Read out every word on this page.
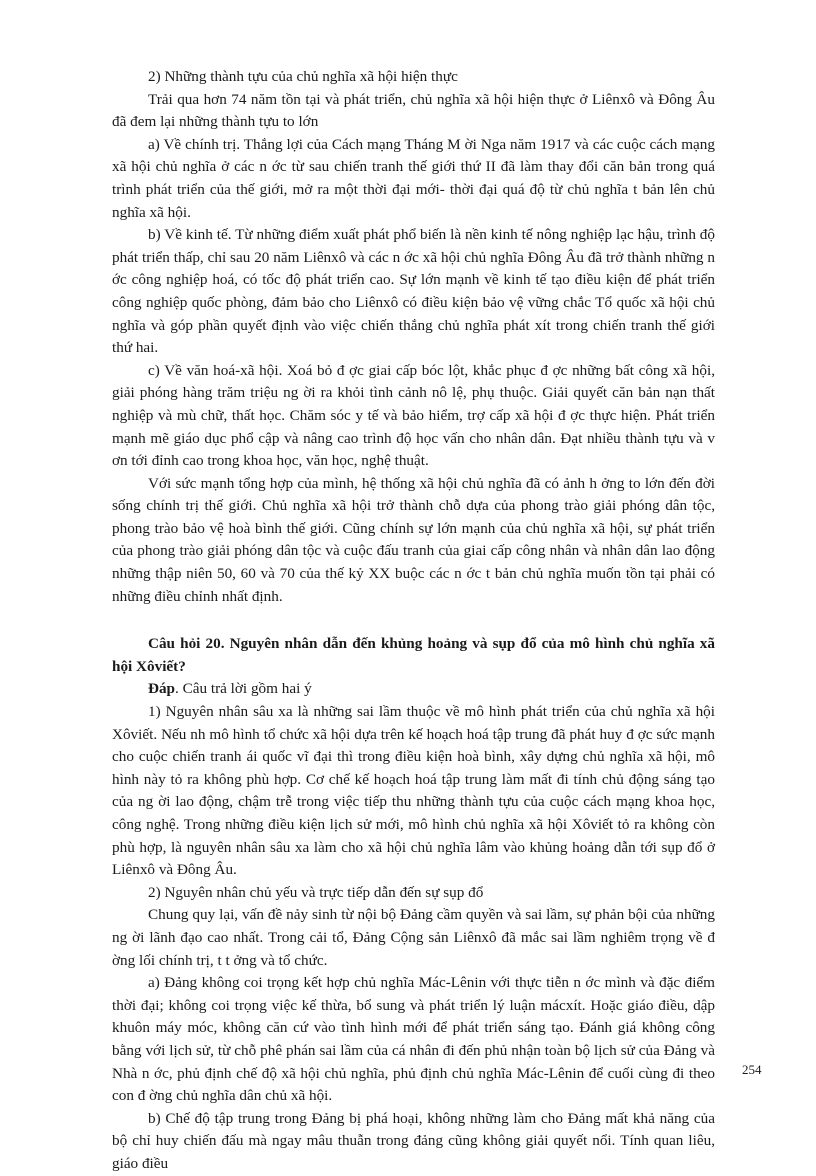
2) Những thành tựu của chủ nghĩa xã hội hiện thực

Trải qua hơn 74 năm tồn tại và phát triển, chủ nghĩa xã hội hiện thực ở Liênxô và Đông Âu đã đem lại những thành tựu to lớn

a) Về chính trị. Thắng lợi của Cách mạng Tháng M ời Nga năm 1917 và các cuộc cách mạng xã hội chủ nghĩa ở các n ớc từ sau chiến tranh thế giới thứ II đã làm thay đổi căn bản trong quá trình phát triển của thế giới, mở ra một thời đại mới- thời đại quá độ từ chủ nghĩa t bản lên chủ nghĩa xã hội.

b) Về kinh tế. Từ những điểm xuất phát phổ biến là nền kinh tế nông nghiệp lạc hậu, trình độ phát triển thấp, chỉ sau 20 năm Liênxô và các n ớc xã hội chủ nghĩa Đông Âu đã trở thành những n ớc công nghiệp hoá, có tốc độ phát triển cao. Sự lớn mạnh về kinh tế tạo điều kiện để phát triển công nghiệp quốc phòng, đảm bảo cho Liênxô có điều kiện bảo vệ vững chắc Tổ quốc xã hội chủ nghĩa và góp phần quyết định vào việc chiến thắng chủ nghĩa phát xít trong chiến tranh thế giới thứ hai.

c) Về văn hoá-xã hội. Xoá bỏ đ ợc giai cấp bóc lột, khắc phục đ ợc những bất công xã hội, giải phóng hàng trăm triệu ng ời ra khỏi tình cảnh nô lệ, phụ thuộc. Giải quyết căn bản nạn thất nghiệp và mù chữ, thất học. Chăm sóc y tế và bảo hiểm, trợ cấp xã hội đ ợc thực hiện. Phát triển mạnh mẽ giáo dục phổ cập và nâng cao trình độ học vấn cho nhân dân. Đạt nhiều thành tựu và v ơn tới đỉnh cao trong khoa học, văn học, nghệ thuật.

Với sức mạnh tổng hợp của mình, hệ thống xã hội chủ nghĩa đã có ảnh h ởng to lớn đến đời sống chính trị thế giới. Chủ nghĩa xã hội trở thành chỗ dựa của phong trào giải phóng dân tộc, phong trào bảo vệ hoà bình thế giới. Cũng chính sự lớn mạnh của chủ nghĩa xã hội, sự phát triển của phong trào giải phóng dân tộc và cuộc đấu tranh của giai cấp công nhân và nhân dân lao động những thập niên 50, 60 và 70 của thế kỷ XX buộc các n ớc t bản chủ nghĩa muốn tồn tại phải có những điều chỉnh nhất định.

Câu hỏi 20. Nguyên nhân dẫn đến khủng hoảng và sụp đổ của mô hình chủ nghĩa xã hội Xôviết?

Đáp. Câu trả lời gồm hai ý

1) Nguyên nhân sâu xa là những sai lầm thuộc về mô hình phát triển của chủ nghĩa xã hội Xôviết. Nếu nh mô hình tổ chức xã hội dựa trên kế hoạch hoá tập trung đã phát huy đ ợc sức mạnh cho cuộc chiến tranh ái quốc vĩ đại thì trong điều kiện hoà bình, xây dựng chủ nghĩa xã hội, mô hình này tỏ ra không phù hợp. Cơ chế kế hoạch hoá tập trung làm mất đi tính chủ động sáng tạo của ng ời lao động, chậm trễ trong việc tiếp thu những thành tựu của cuộc cách mạng khoa học, công nghệ. Trong những điều kiện lịch sử mới, mô hình chủ nghĩa xã hội Xôviết tỏ ra không còn phù hợp, là nguyên nhân sâu xa làm cho xã hội chủ nghĩa lâm vào khủng hoảng dẫn tới sụp đổ ở Liênxô và Đông Âu.

2) Nguyên nhân chủ yếu và trực tiếp dẫn đến sự sụp đổ

Chung quy lại, vấn đề nảy sinh từ nội bộ Đảng cầm quyền và sai lầm, sự phản bội của những ng ời lãnh đạo cao nhất. Trong cải tổ, Đảng Cộng sản Liênxô đã mắc sai lầm nghiêm trọng về đ ờng lối chính trị, t t ởng và tổ chức.

a) Đảng không coi trọng kết hợp chủ nghĩa Mác-Lênin với thực tiễn n ớc mình và đặc điểm thời đại; không coi trọng việc kế thừa, bổ sung và phát triển lý luận mácxít. Hoặc giáo điều, dập khuôn máy móc, không căn cứ vào tình hình mới để phát triển sáng tạo. Đánh giá không công bằng với lịch sử, từ chỗ phê phán sai lầm của cá nhân đi đến phủ nhận toàn bộ lịch sử của Đảng và Nhà n ớc, phủ định chế độ xã hội chủ nghĩa, phủ định chủ nghĩa Mác-Lênin để cuối cùng đi theo con đ ờng chủ nghĩa dân chủ xã hội.

b) Chế độ tập trung trong Đảng bị phá hoại, không những làm cho Đảng mất khả năng của bộ chỉ huy chiến đấu mà ngay mâu thuẫn trong đảng cũng không giải quyết nổi. Tính quan liêu, giáo điều

254
